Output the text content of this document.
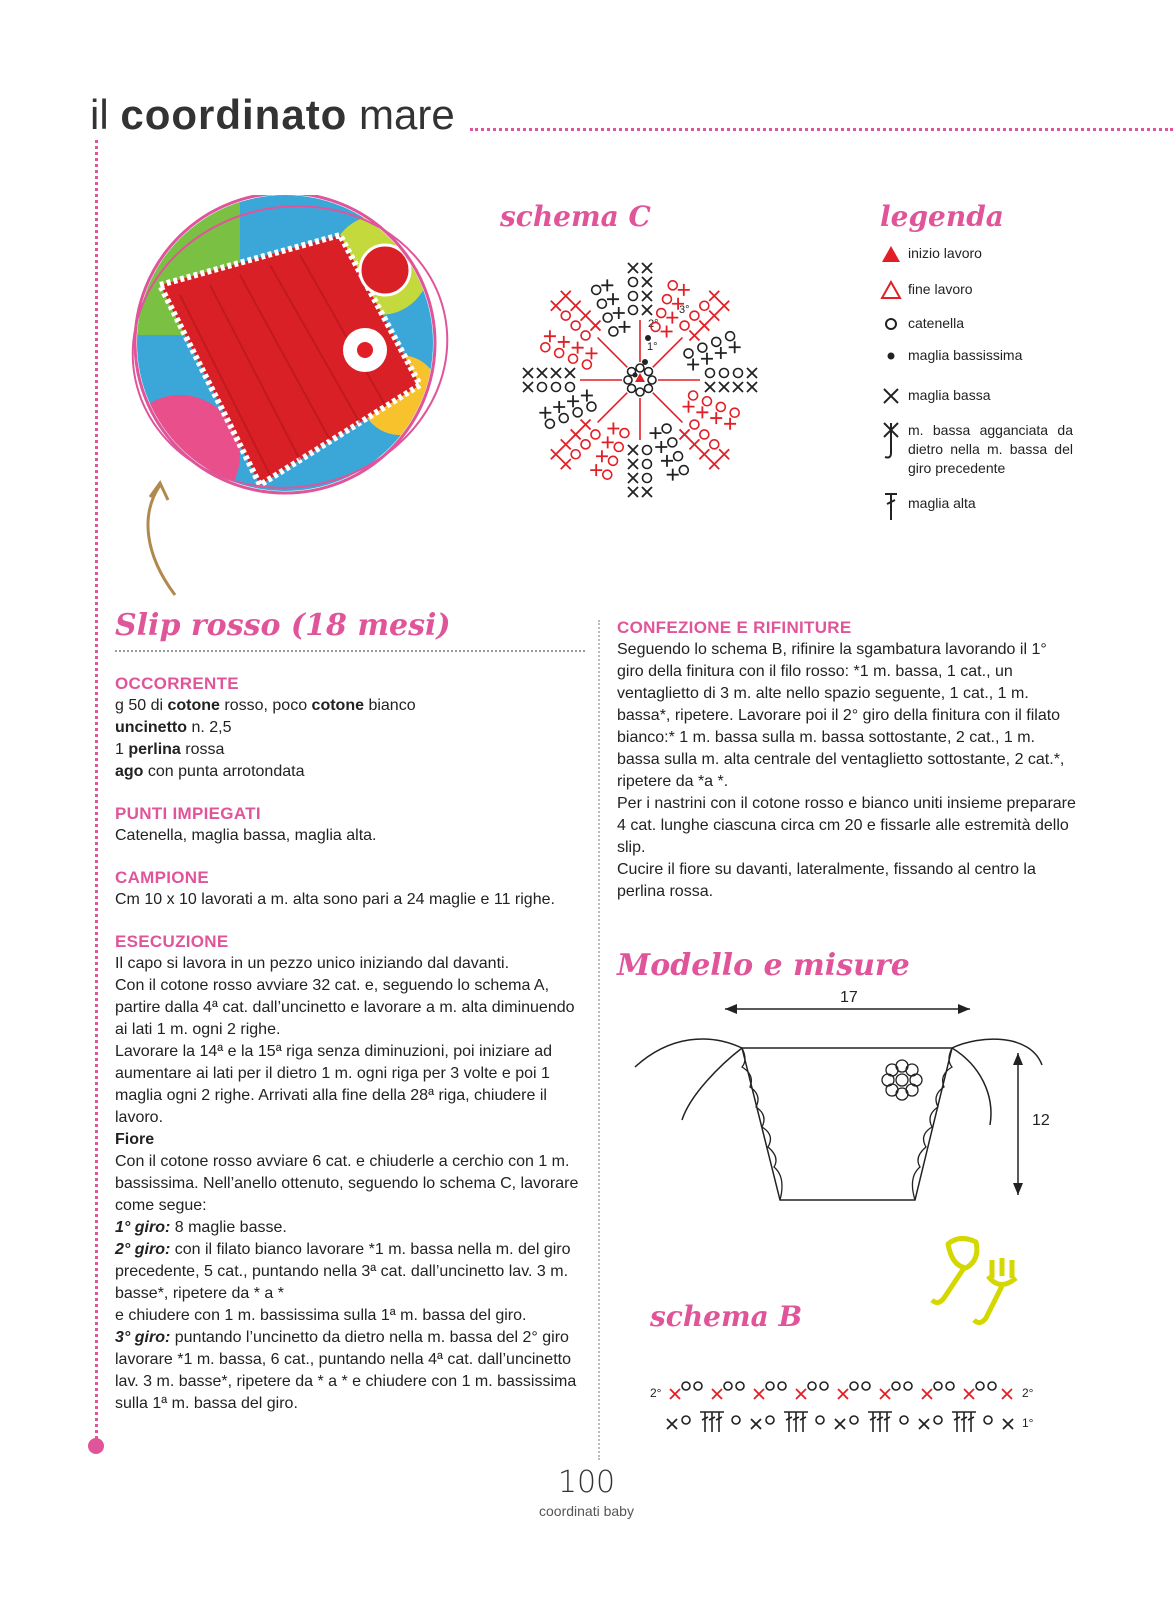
il coordinato mare
schema C
3°
2°
1°
legenda
inizio lavoro
fine lavoro
catenella
maglia bassissima
maglia bassa
m. bassa agganciata da dietro nella m. bassa del giro precedente
maglia alta
Slip rosso (18 mesi)

OCCORRENTE

g 50 di cotone rosso, poco cotone bianco

uncinetto n. 2,5

1 perlina rossa

ago con punta arrotondata

PUNTI IMPIEGATI

Catenella, maglia bassa, maglia alta.

CAMPIONE

Cm 10 x 10 lavorati a m. alta sono pari a 24 maglie e 11 righe.

ESECUZIONE

Il capo si lavora in un pezzo unico iniziando dal davanti.

Con il cotone rosso avviare 32 cat. e, seguendo lo schema A, partire dalla 4ª cat. dall’uncinetto e lavorare a m. alta diminuendo ai lati 1 m. ogni 2 righe.

Lavorare la 14ª e la 15ª riga senza diminuzioni, poi iniziare ad aumentare ai lati per il dietro 1 m. ogni riga per 3 volte e poi 1 maglia ogni 2 righe. Arrivati alla fine della 28ª riga, chiudere il lavoro.

Fiore

Con il cotone rosso avviare 6 cat. e chiuderle a cerchio con 1 m. bassissima. Nell’anello ottenuto, seguendo lo schema C, lavorare come segue:

1° giro: 8 maglie basse.

2° giro: con il filato bianco lavorare *1 m. bassa nella m. del giro precedente, 5 cat., puntando nella 3ª cat. dall’uncinetto lav. 3 m. basse*, ripetere da * a *

e chiudere con 1 m. bassissima sulla 1ª m. bassa del giro.

3° giro: puntando l’uncinetto da dietro nella m. bassa del 2° giro lavorare *1 m. bassa, 6 cat., puntando nella 4ª cat. dall’uncinetto lav. 3 m. basse*, ripetere da * a * e chiudere con 1 m. bassissima sulla 1ª m. bassa del giro.

CONFEZIONE E RIFINITURE

Seguendo lo schema B, rifinire la sgambatura lavorando il 1° giro della finitura con il filo rosso: *1 m. bassa, 1 cat., un ventaglietto di 3 m. alte nello spazio seguente, 1 cat., 1 m. bassa*, ripetere. Lavorare poi il 2° giro della finitura con il filato bianco:* 1 m. bassa sulla m. bassa sottostante, 2 cat., 1 m. bassa sulla m. alta centrale del ventaglietto sottostante, 2 cat.*, ripetere da *a *.

Per i nastrini con il cotone rosso e bianco uniti insieme preparare 4 cat. lunghe ciascuna circa cm 20 e fissarle alle estremità dello slip.

Cucire il fiore su davanti, lateralmente, fissando al centro la perlina rossa.

Modello e misure
17
12
schema B
2°	2°
1°
100
coordinati baby
